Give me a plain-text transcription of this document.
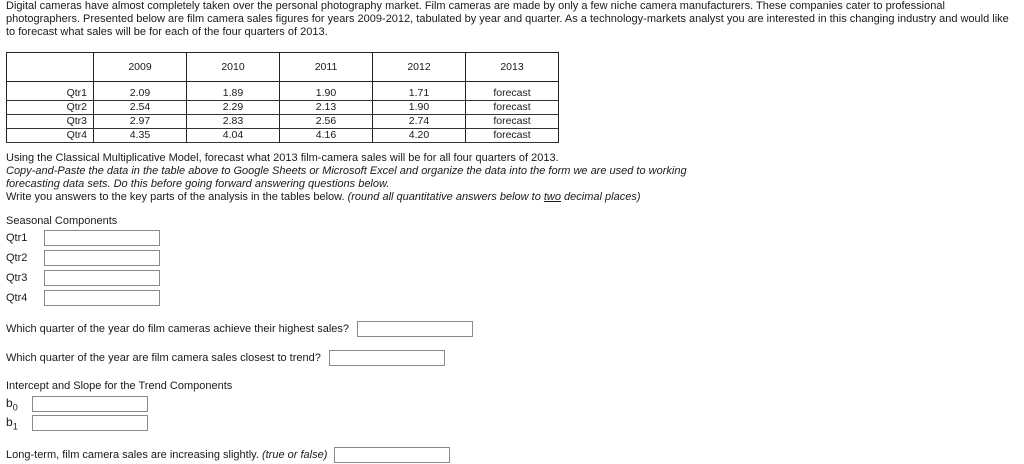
Digital cameras have almost completely taken over the personal photography market. Film cameras are made by only a few niche camera manufacturers. These companies cater to professional photographers. Presented below are film camera sales figures for years 2009-2012, tabulated by year and quarter. As a technology-markets analyst you are interested in this changing industry and would like to forecast what sales will be for each of the four quarters of 2013.
	2009	2010	2011	2012	2013

Qtr1	2.09	1.89	1.90	1.71	forecast
Qtr2	2.54	2.29	2.13	1.90	forecast
Qtr3	2.97	2.83	2.56	2.74	forecast
Qtr4	4.35	4.04	4.16	4.20	forecast
Using the Classical Multiplicative Model, forecast what 2013 film-camera sales will be for all four quarters of 2013.
Copy-and-Paste the data in the table above to Google Sheets or Microsoft Excel and organize the data into the form we are used to working
forecasting data sets. Do this before going forward answering questions below.
Write you answers to the key parts of the analysis in the tables below. (round all quantitative answers below to two decimal places)
Seasonal Components
Qtr1
Qtr2
Qtr3
Qtr4
Which quarter of the year do film cameras achieve their highest sales?
Which quarter of the year are film camera sales closest to trend?
Intercept and Slope for the Trend Components
$b_0$
$b_1$
Long-term, film camera sales are increasing slightly. (true or false)
